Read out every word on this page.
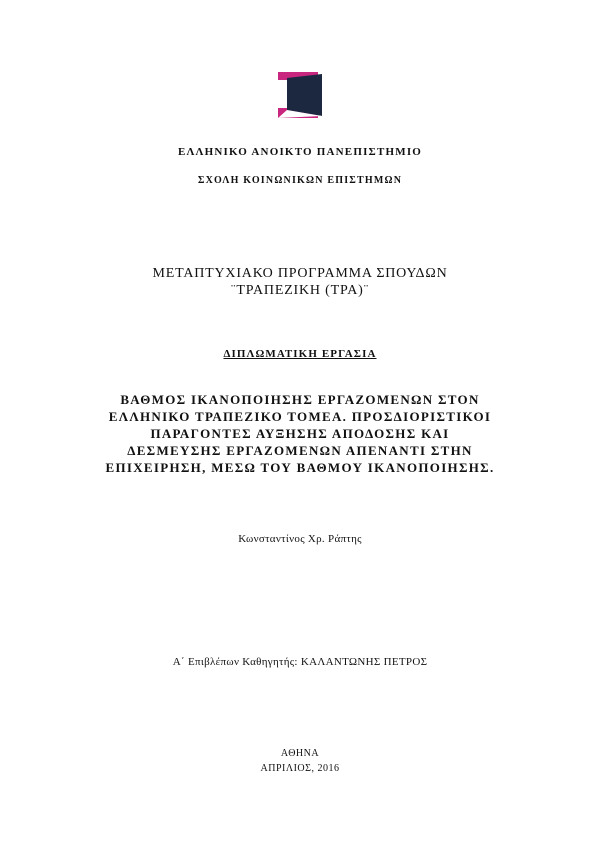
ΕΛΛΗΝΙΚΟ ΑΝΟΙΚΤΟ ΠΑΝΕΠΙΣΤΗΜΙΟ
ΣΧΟΛΗ ΚΟΙΝΩΝΙΚΩΝ ΕΠΙΣΤΗΜΩΝ
ΜΕΤΑΠΤΥΧΙΑΚΟ ΠΡΟΓΡΑΜΜΑ ΣΠΟΥΔΩΝ
¨ΤΡΑΠΕΖΙΚΗ (ΤΡΑ)¨
ΔΙΠΛΩΜΑΤΙΚΗ ΕΡΓΑΣΙΑ
ΒΑΘΜΟΣ ΙΚΑΝΟΠΟΙΗΣΗΣ ΕΡΓΑΖΟΜΕΝΩΝ ΣΤΟΝ
ΕΛΛΗΝΙΚΟ ΤΡΑΠΕΖΙΚΟ ΤΟΜΕΑ. ΠΡΟΣΔΙΟΡΙΣΤΙΚΟΙ
ΠΑΡΑΓΟΝΤΕΣ ΑΥΞΗΣΗΣ ΑΠΟΔΟΣΗΣ ΚΑΙ
ΔΕΣΜΕΥΣΗΣ ΕΡΓΑΖΟΜΕΝΩΝ ΑΠΕΝΑΝΤΙ ΣΤΗΝ
ΕΠΙΧΕΙΡΗΣΗ, ΜΕΣΩ ΤΟΥ ΒΑΘΜΟΥ ΙΚΑΝΟΠΟΙΗΣΗΣ.
Κωνσταντίνος Χρ. Ράπτης
Α΄ Επιβλέπων Καθηγητής: ΚΑΛΑΝΤΩΝΗΣ ΠΕΤΡΟΣ
ΑΘΗΝΑ
ΑΠΡΙΛΙΟΣ, 2016
